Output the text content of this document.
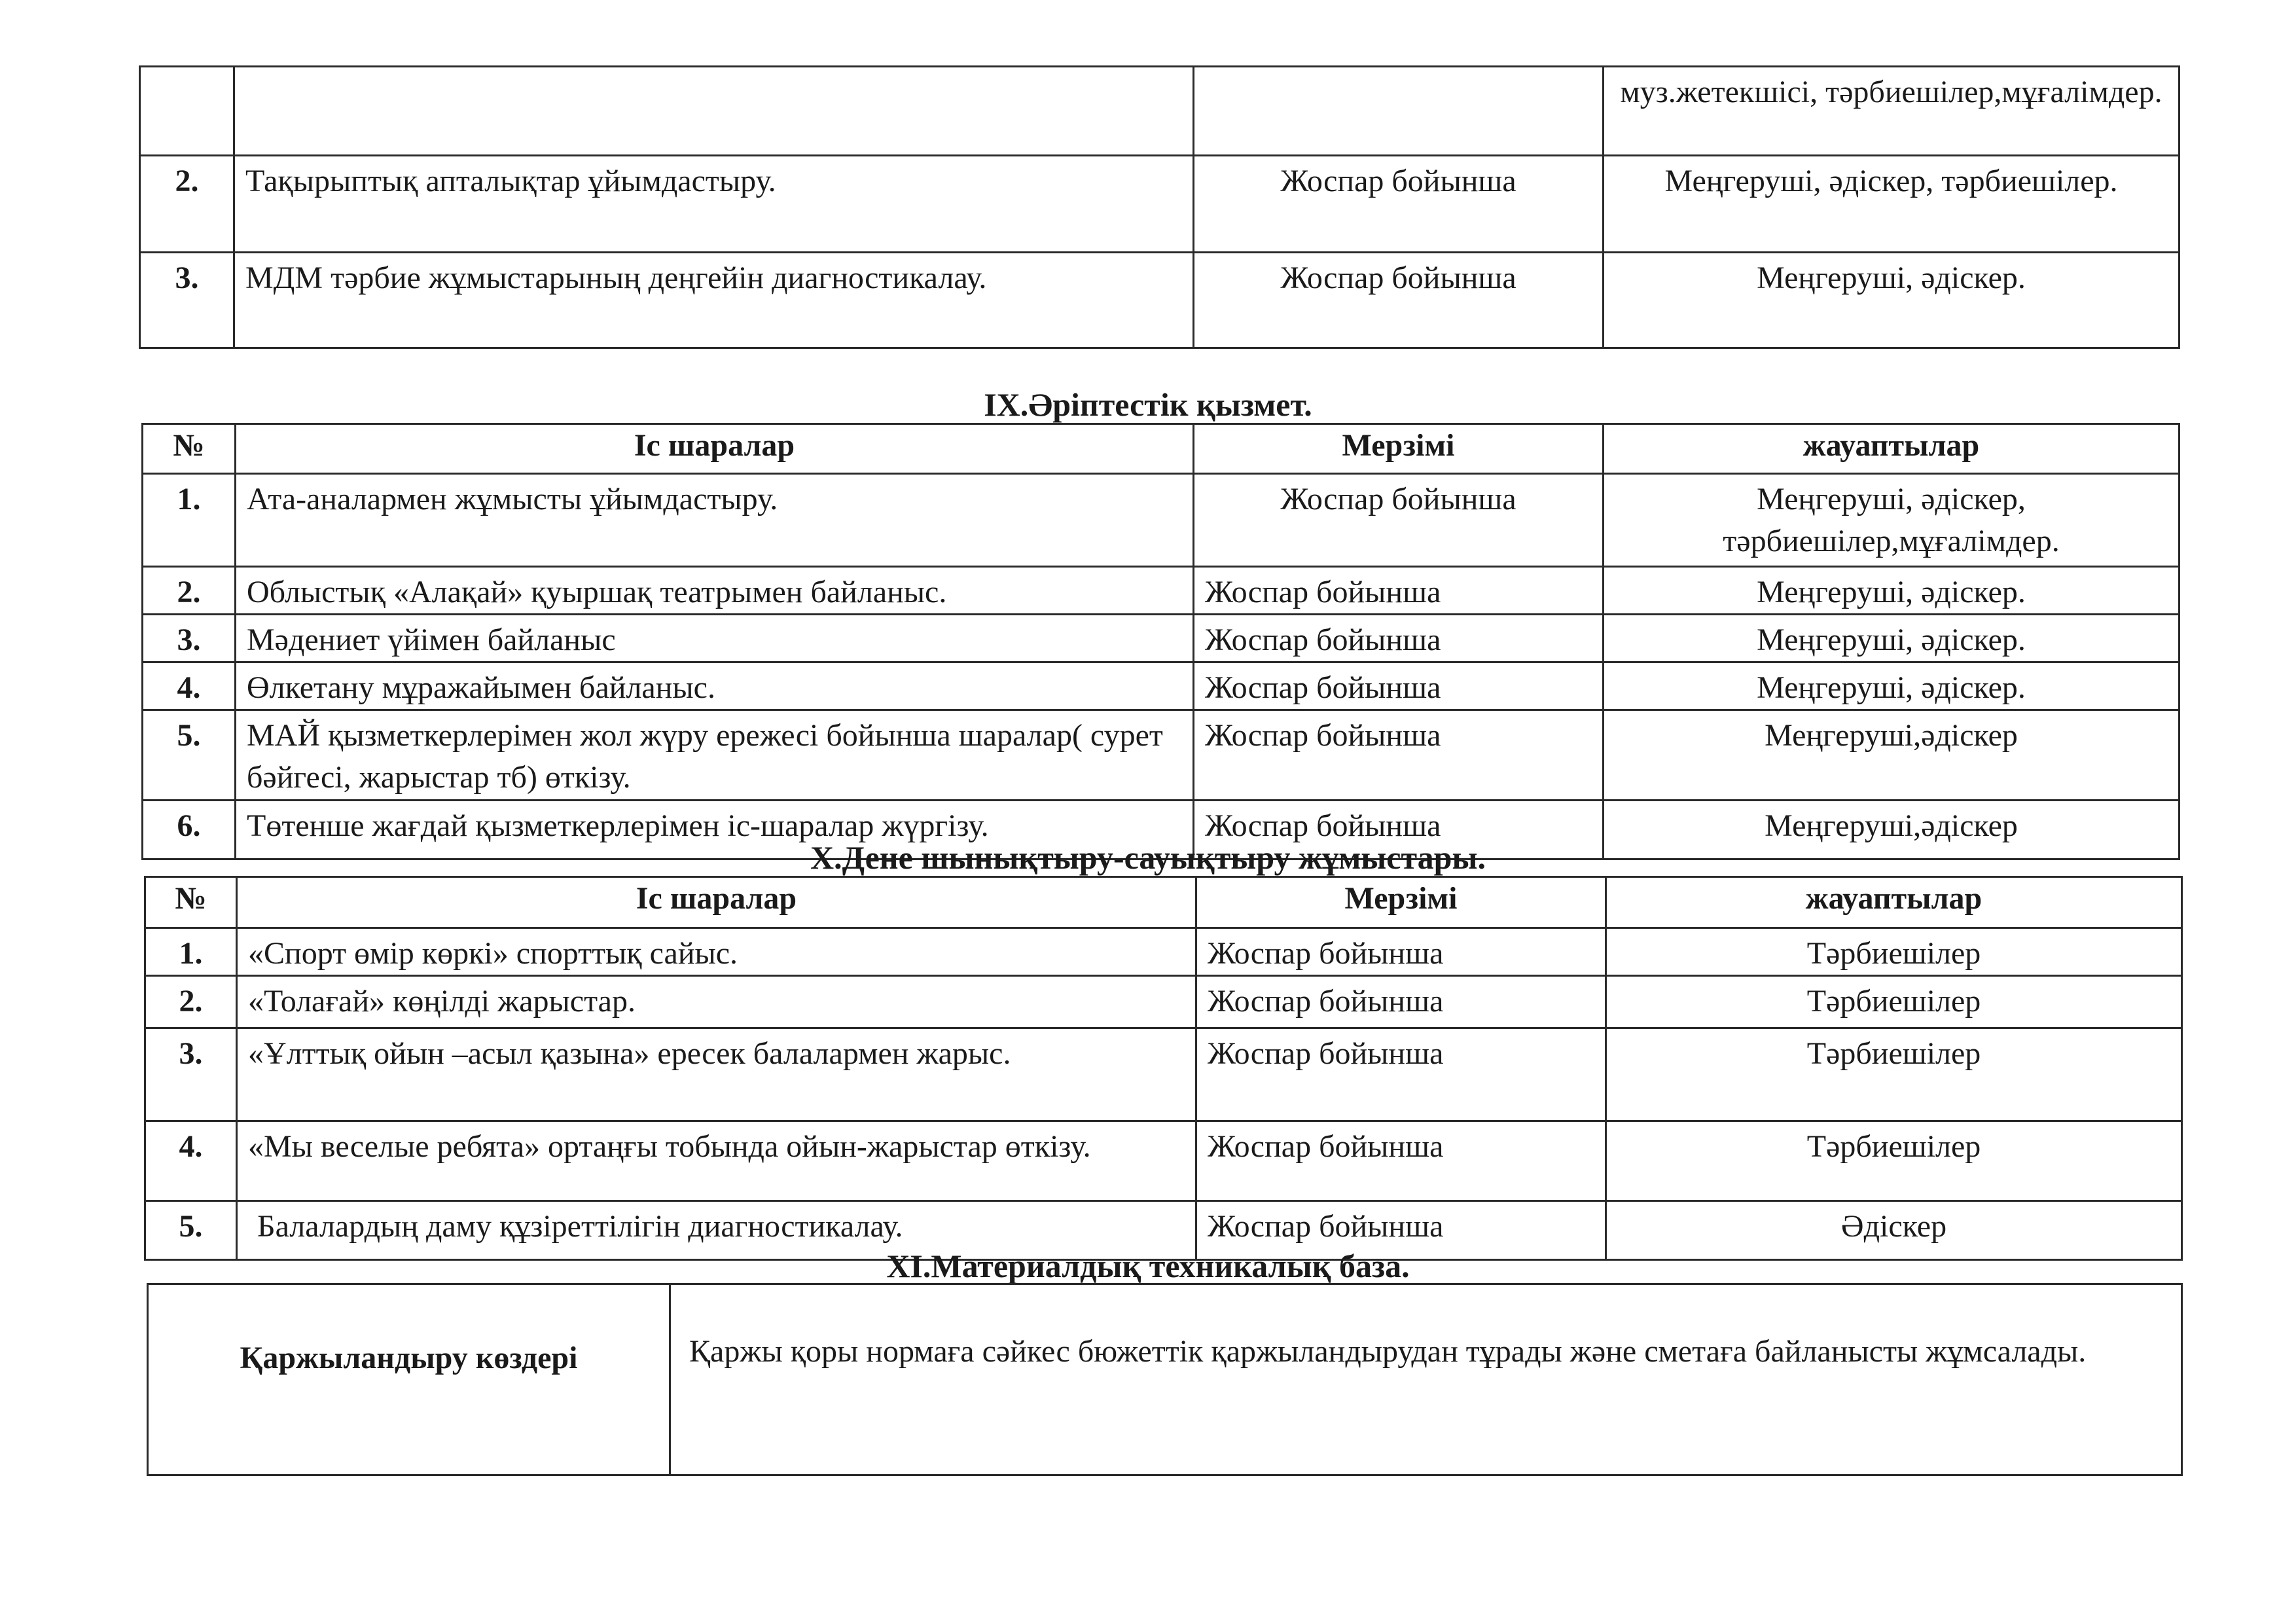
			муз.жетекшісі, тәрбиешілер,мұғалімдер.
2.	Тақырыптық апталықтар ұйымдастыру.	Жоспар бойынша	Меңгеруші, әдіскер, тәрбиешілер.
3.	МДМ тәрбие жұмыстарының деңгейін диагностикалау.	Жоспар бойынша	Меңгеруші, әдіскер.
IX.Әріптестік қызмет.
№	Іс шаралар	Мерзімі	жауаптылар
1.	Ата-аналармен жұмысты ұйымдастыру.	Жоспар бойынша	Меңгеруші, әдіскер, тәрбиешілер,мұғалімдер.
2.	Облыстық «Алақай» қуыршақ театрымен байланыс.	Жоспар бойынша	Меңгеруші, әдіскер.
3.	Мәдениет үйімен байланыс	Жоспар бойынша	Меңгеруші, әдіскер.
4.	Өлкетану мұражайымен байланыс.	Жоспар бойынша	Меңгеруші, әдіскер.
5.	МАЙ қызметкерлерімен жол жүру ережесі бойынша шаралар( сурет бәйгесі, жарыстар тб) өткізу.	Жоспар бойынша	Меңгеруші,әдіскер
6.	Төтенше жағдай қызметкерлерімен іс-шаралар жүргізу.	Жоспар бойынша	Меңгеруші,әдіскер
X.Дене шынықтыру-сауықтыру жұмыстары.
№	Іс шаралар	Мерзімі	жауаптылар
1.	«Спорт өмір көркі» спорттық сайыс.	Жоспар бойынша	Тәрбиешілер
2.	«Толағай» көңілді жарыстар.	Жоспар бойынша	Тәрбиешілер
3.	«Ұлттық ойын –асыл қазына» ересек балалармен жарыс.	Жоспар бойынша	Тәрбиешілер
4.	«Мы веселые ребята» ортаңғы тобында ойын-жарыстар өткізу.	Жоспар бойынша	Тәрбиешілер
5.	Балалардың даму құзіреттілігін диагностикалау.	Жоспар бойынша	Әдіскер
XI.Материалдық техникалық база.
Қаржыландыру көздері	Қаржы қоры нормаға сәйкес бюжеттік қаржыландырудан тұрады және сметаға байланысты жұмсалады.
